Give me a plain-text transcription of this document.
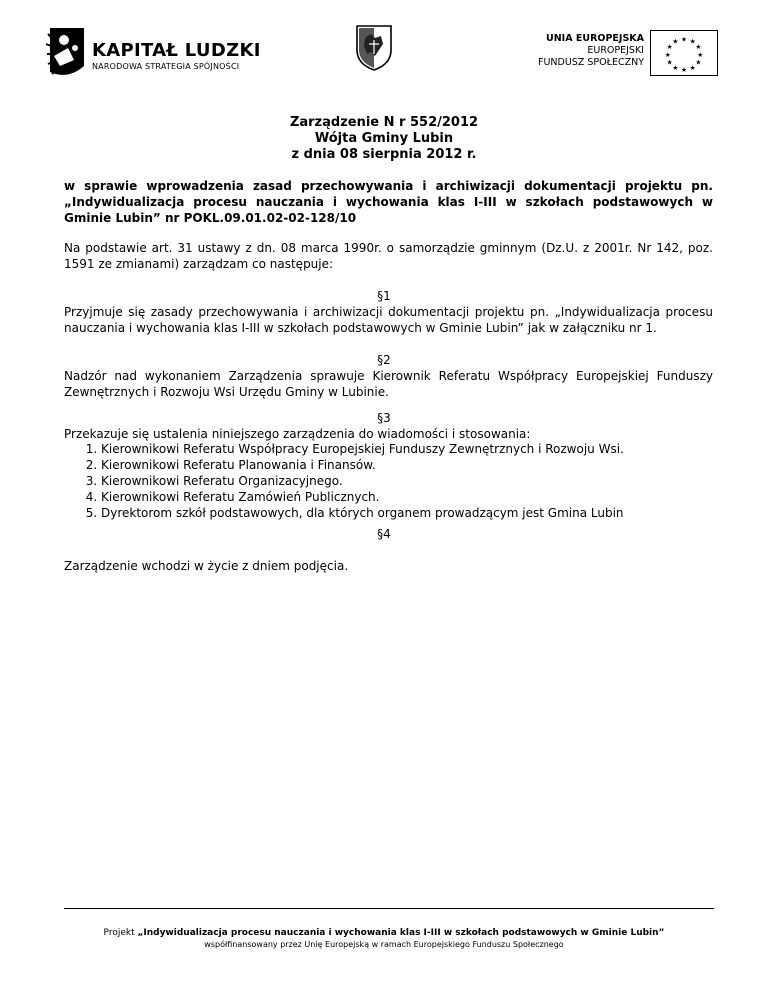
KAPITAŁ LUDZKI
NARODOWA STRATEGIA SPÓJNOŚCI
UNIA EUROPEJSKA
EUROPEJSKI
FUNDUSZ SPOŁECZNY
★ ★
★
★
★
★
★
★
★
★
★
★
Zarządzenie N r 552/2012
Wójta Gminy Lubin
z dnia 08 sierpnia 2012 r.
w sprawie wprowadzenia zasad przechowywania i archiwizacji dokumentacji projektu pn. „Indywidualizacja procesu nauczania i wychowania klas I-III w szkołach podstawowych w Gminie Lubin” nr POKL.09.01.02-02-128/10
Na podstawie art. 31 ustawy z dn. 08 marca 1990r. o samorządzie gminnym (Dz.U. z 2001r. Nr 142, poz. 1591 ze zmianami) zarządzam co następuje:
§1
Przyjmuje się zasady przechowywania i archiwizacji dokumentacji projektu pn. „Indywidualizacja procesu nauczania i wychowania klas I-III w szkołach podstawowych w Gminie Lubin” jak w załączniku nr 1.
§2
Nadzór nad wykonaniem Zarządzenia sprawuje Kierownik Referatu Współpracy Europejskiej Funduszy Zewnętrznych i Rozwoju Wsi Urzędu Gminy w Lubinie.
§3
Przekazuje się ustalenia niniejszego zarządzenia do wiadomości i stosowania:
1. Kierownikowi Referatu Współpracy Europejskiej Funduszy Zewnętrznych i Rozwoju Wsi.
2. Kierownikowi Referatu Planowania i Finansów.
3. Kierownikowi Referatu Organizacyjnego.
4. Kierownikowi Referatu Zamówień Publicznych.
5. Dyrektorom szkół podstawowych, dla których organem prowadzącym jest Gmina Lubin
§4
Zarządzenie wchodzi w życie z dniem podjęcia.
Projekt „Indywidualizacja procesu nauczania i wychowania klas I-III w szkołach podstawowych w Gminie Lubin”
współfinansowany przez Unię Europejską w ramach Europejskiego Funduszu Społecznego
